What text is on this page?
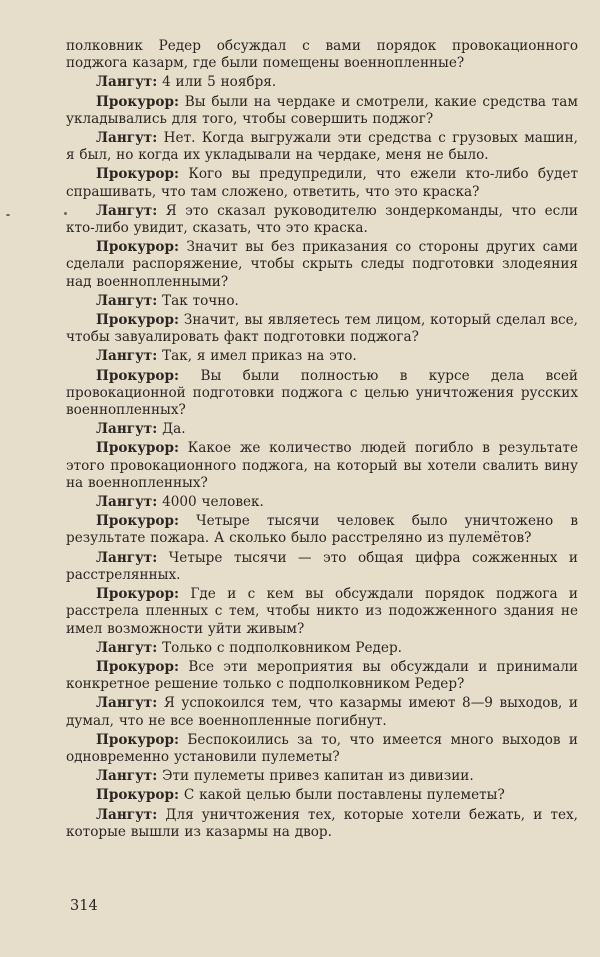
полковник Редер обсуждал с вами порядок провокационного поджога казарм, где были помещены военнопленные?

Лангут: 4 или 5 ноября.

Прокурор: Вы были на чердаке и смотрели, какие средства там укладывались для того, чтобы совершить поджог?

Лангут: Нет. Когда выгружали эти средства с грузовых машин, я был, но когда их укладывали на чердаке, меня не было.

Прокурор: Кого вы предупредили, что ежели кто-либо будет спрашивать, что там сложено, ответить, что это краска?

Лангут: Я это сказал руководителю зондеркоманды, что если кто-либо увидит, сказать, что это краска.

Прокурор: Значит вы без приказания со стороны других сами сделали распоряжение, чтобы скрыть следы подготовки злодеяния над военнопленными?

Лангут: Так точно.

Прокурор: Значит, вы являетесь тем лицом, который сделал все, чтобы завуалировать факт подготовки поджога?

Лангут: Так, я имел приказ на это.

Прокурор: Вы были полностью в курсе дела всей провокационной подготовки поджога с целью уничтожения русских военнопленных?

Лангут: Да.

Прокурор: Какое же количество людей погибло в результате этого провокационного поджога, на который вы хотели свалить вину на военнопленных?

Лангут: 4000 человек.

Прокурор: Четыре тысячи человек было уничтожено в результате пожара. А сколько было расстреляно из пулемётов?

Лангут: Четыре тысячи — это общая цифра сожженных и расстрелянных.

Прокурор: Где и с кем вы обсуждали порядок поджога и расстрела пленных с тем, чтобы никто из подожженного здания не имел возможности уйти живым?

Лангут: Только с подполковником Редер.

Прокурор: Все эти мероприятия вы обсуждали и принимали конкретное решение только с подполковником Редер?

Лангут: Я успокоился тем, что казармы имеют 8—9 выходов, и думал, что не все военнопленные погибнут.

Прокурор: Беспокоились за то, что имеется много выходов и одновременно установили пулеметы?

Лангут: Эти пулеметы привез капитан из дивизии.

Прокурор: С какой целью были поставлены пулеметы?

Лангут: Для уничтожения тех, которые хотели бежать, и тех, которые вышли из казармы на двор.

314
